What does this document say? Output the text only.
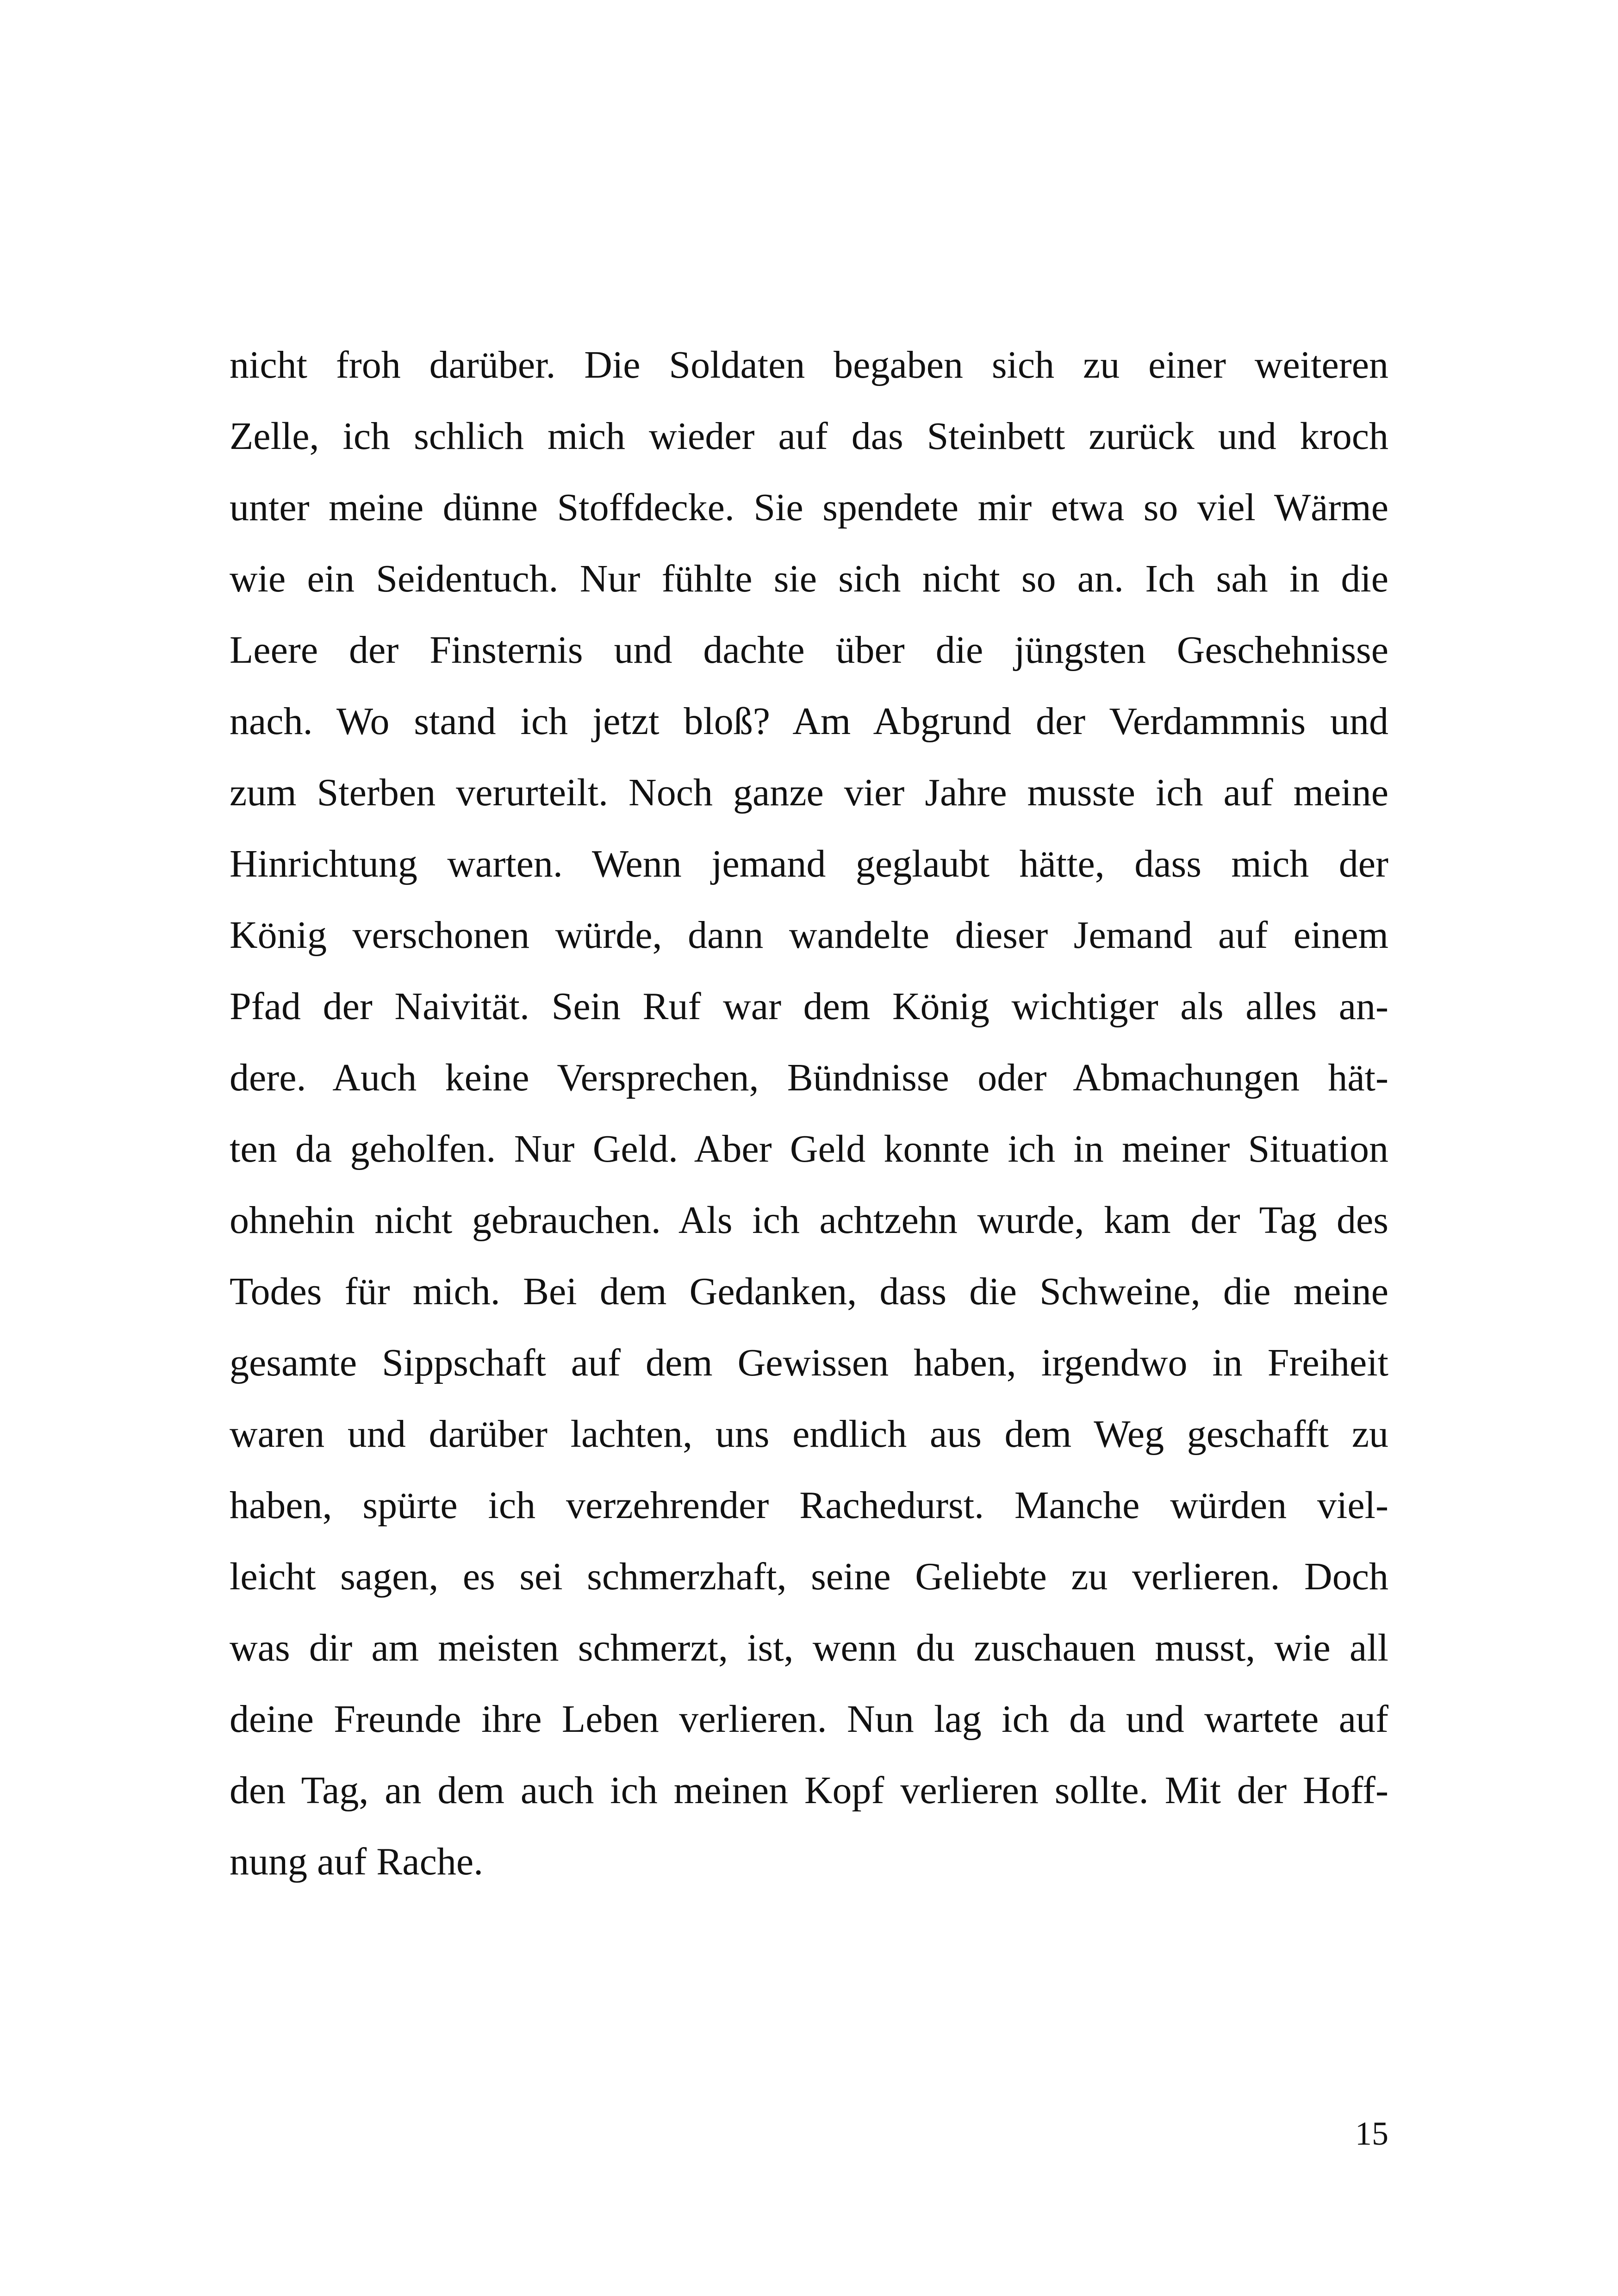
nicht froh darüber. Die Soldaten begaben sich zu einer weiteren
Zelle, ich schlich mich wieder auf das Steinbett zurück und kroch
unter meine dünne Stoffdecke. Sie spendete mir etwa so viel Wärme
wie ein Seidentuch. Nur fühlte sie sich nicht so an. Ich sah in die
Leere der Finsternis und dachte über die jüngsten Geschehnisse
nach. Wo stand ich jetzt bloß? Am Abgrund der Verdammnis und
zum Sterben verurteilt. Noch ganze vier Jahre musste ich auf meine
Hinrichtung warten. Wenn jemand geglaubt hätte, dass mich der
König verschonen würde, dann wandelte dieser Jemand auf einem
Pfad der Naivität. Sein Ruf war dem König wichtiger als alles an-
dere. Auch keine Versprechen, Bündnisse oder Abmachungen hät-
ten da geholfen. Nur Geld. Aber Geld konnte ich in meiner Situation
ohnehin nicht gebrauchen. Als ich achtzehn wurde, kam der Tag des
Todes für mich. Bei dem Gedanken, dass die Schweine, die meine
gesamte Sippschaft auf dem Gewissen haben, irgendwo in Freiheit
waren und darüber lachten, uns endlich aus dem Weg geschafft zu
haben, spürte ich verzehrender Rachedurst. Manche würden viel-
leicht sagen, es sei schmerzhaft, seine Geliebte zu verlieren. Doch
was dir am meisten schmerzt, ist, wenn du zuschauen musst, wie all
deine Freunde ihre Leben verlieren. Nun lag ich da und wartete auf
den Tag, an dem auch ich meinen Kopf verlieren sollte. Mit der Hoff-
nung auf Rache.
15
